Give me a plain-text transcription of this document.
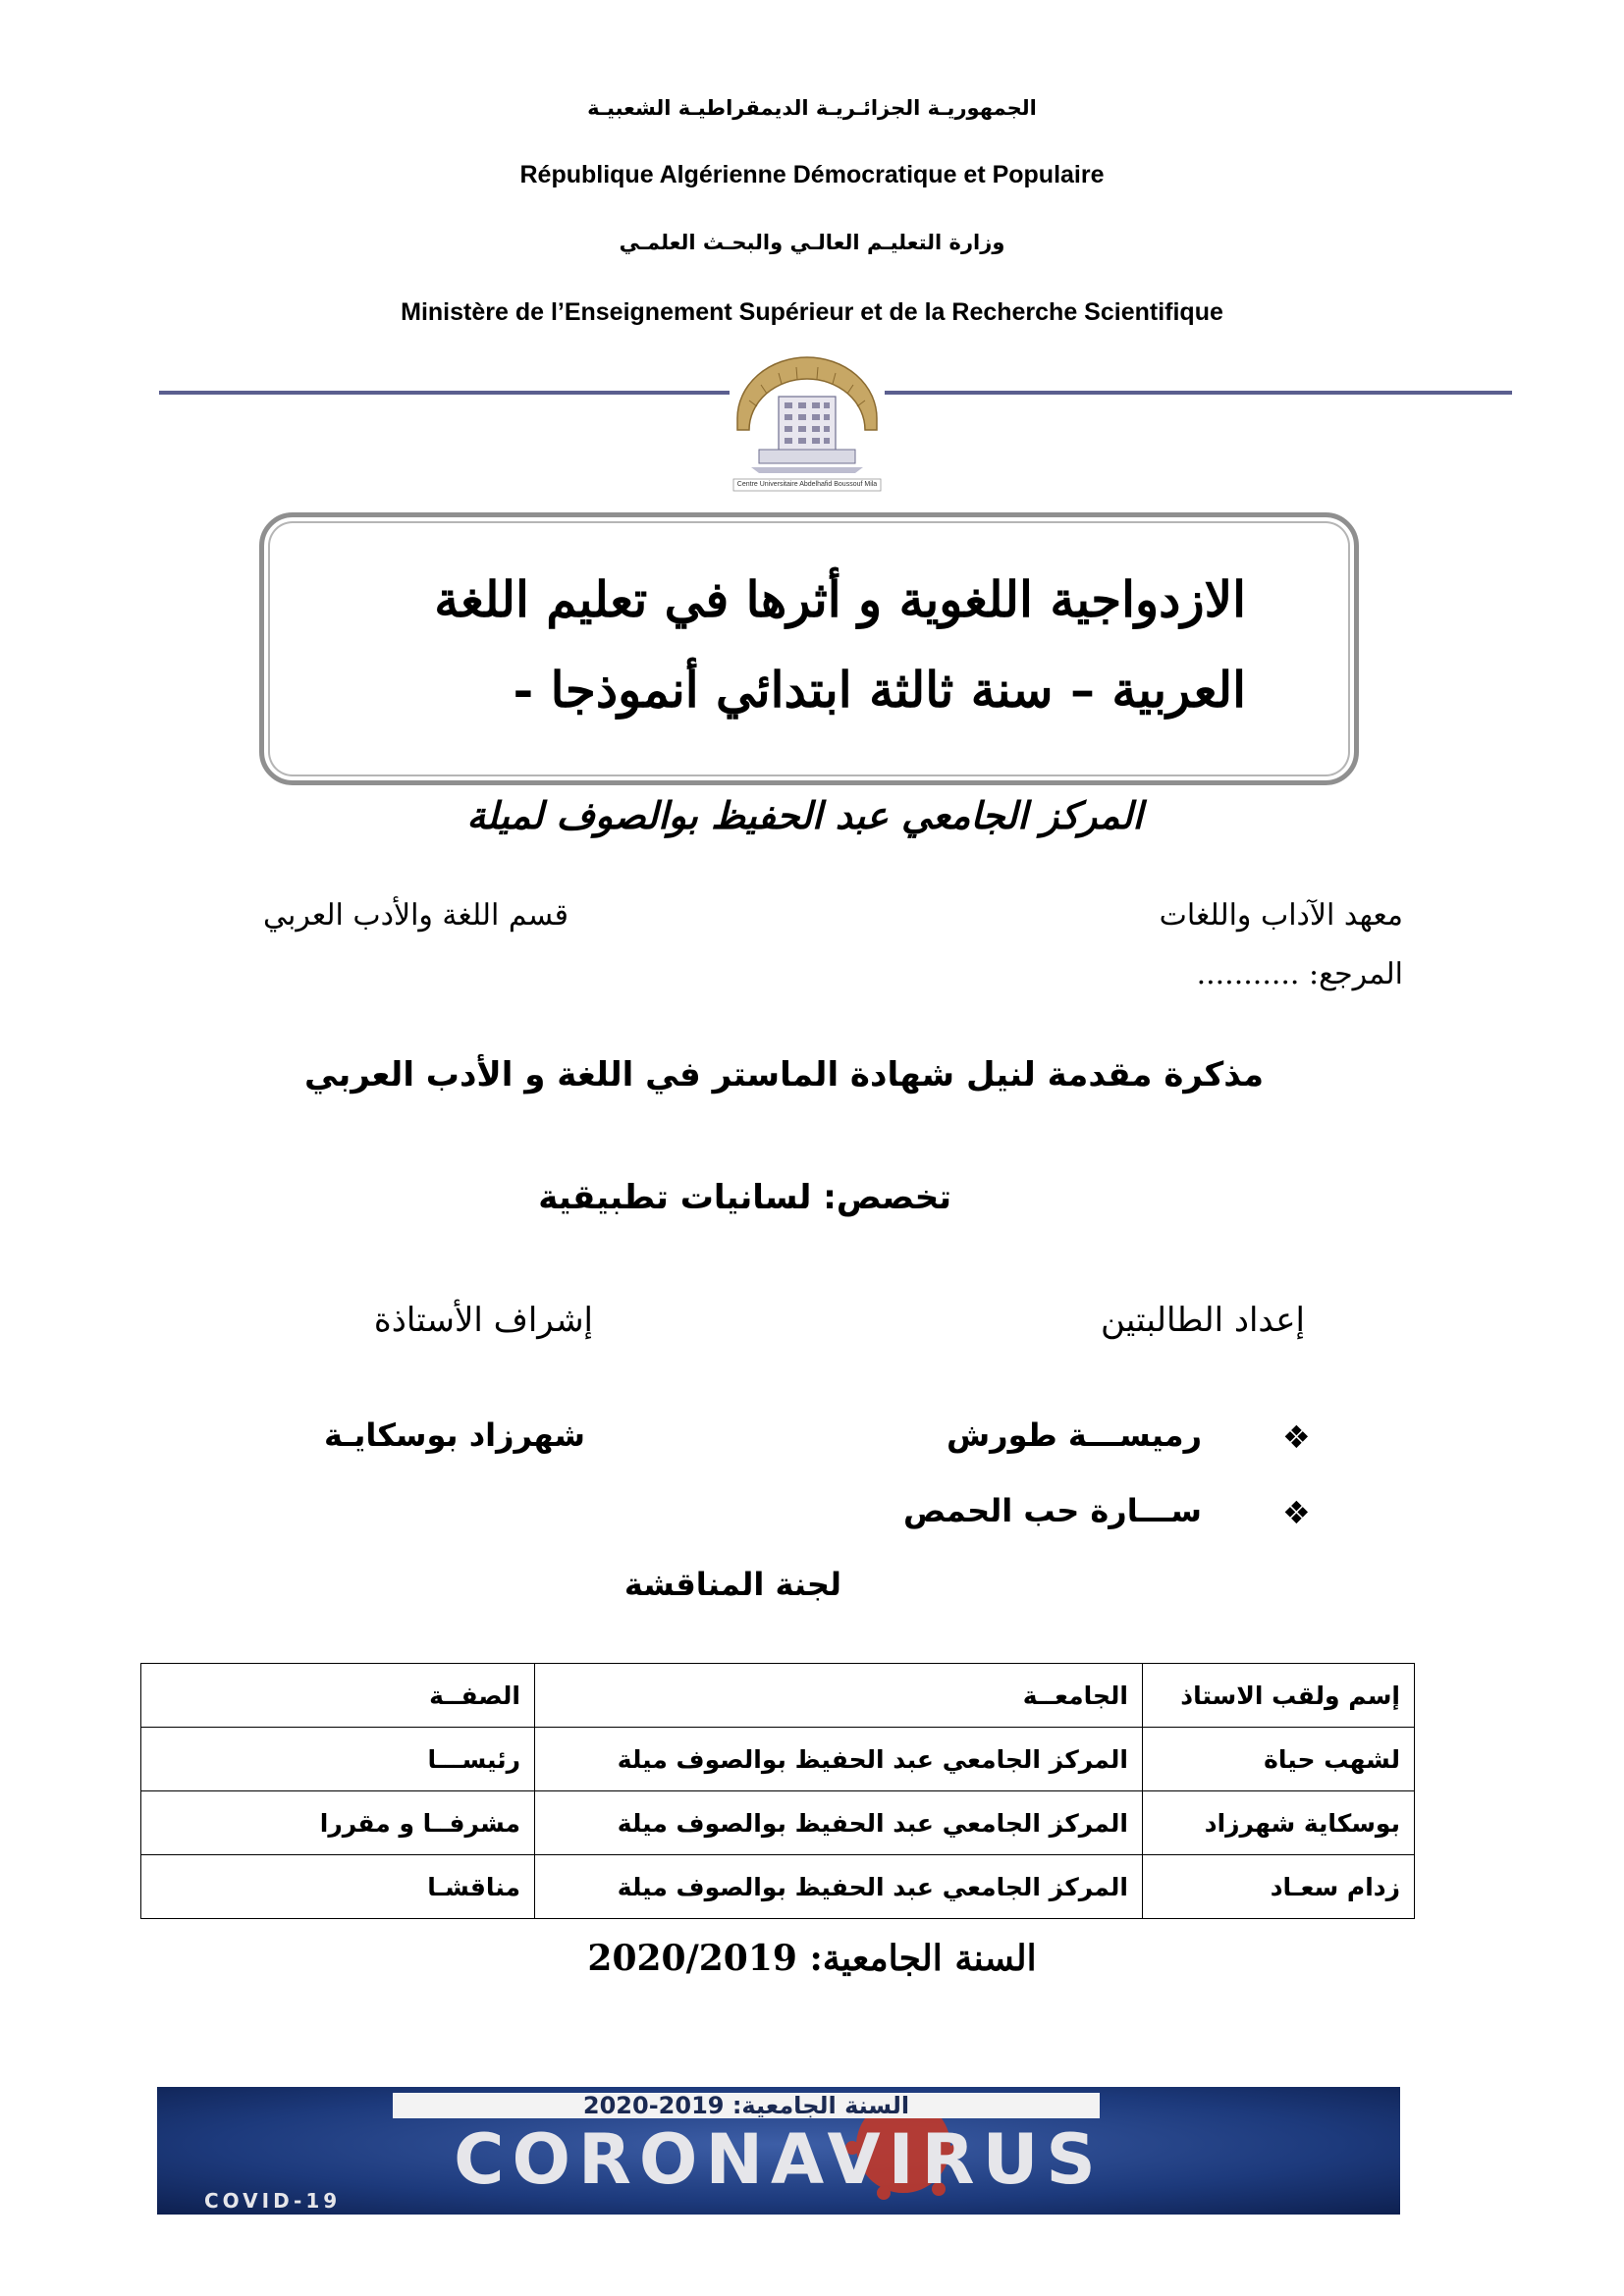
الجمهوريـة الجزائـريـة الديمقراطيـة الشعبيـة
République Algérienne Démocratique et Populaire
وزارة التعليـم العالـي والبحـث العلمـي
Ministère de l’Enseignement Supérieur et de la Recherche Scientifique
Centre Universitaire Abdelhafid Boussouf Mila
الازدواجية اللغوية و أثرها في تعليم اللغة
العربية – سنة ثالثة ابتدائي أنموذجا -
المركز الجامعي عبد الحفيظ بوالصوف لميلة
معهد الآداب واللغات
قسم اللغة والأدب العربي
المرجع: ...........
مذكرة مقدمة لنيل شهادة الماستر في اللغة و الأدب العربي
تخصص: لسانيات تطبيقية
إعداد الطالبتين
إشراف الأستاذة
❖
رميســـة طورش
❖
ســـارة حب الحمص
شهرزاد بوسكايـة
لجنة المناقشة
إسم ولقب الاستاذ	الجامعــة	الصفــة
لشهب حياة	المركز الجامعي عبد الحفيظ بوالصوف ميلة	رئيســـا
بوسكاية شهرزاد	المركز الجامعي عبد الحفيظ بوالصوف ميلة	مشرفــا و مقررا
زدام سعـاد	المركز الجامعي عبد الحفيظ بوالصوف ميلة	مناقشـا
السنة الجامعية: 2020/2019
السنة الجامعية: 2019-2020
CORONAVIRUS
COVID-19
